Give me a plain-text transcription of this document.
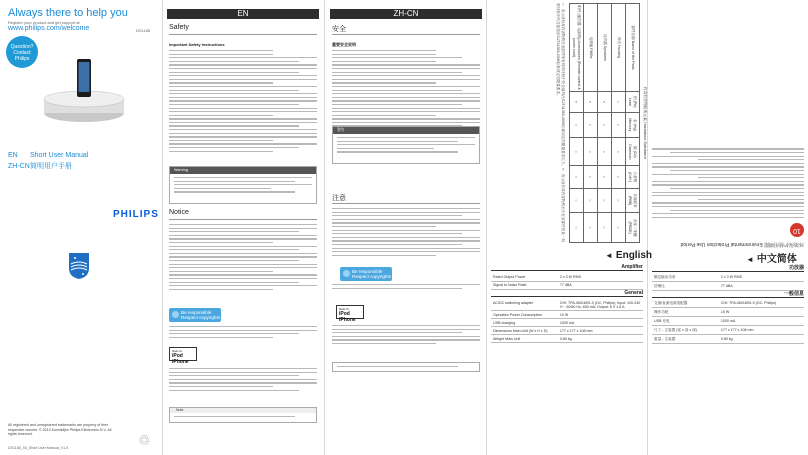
Always there to help you
Register your product and get support at
www.philips.com/welcome	DS1185
Question?
Contact
Philips
EN Short User Manual
ZH-CN简明用户手册
PHILIPS
All registered and unregistered trademarks are property of their respective owners. © 2013 Koninklijke Philips Electronics N.V. All rights reserved.
DS1185_93_Short User Manual_V1.0	♲
EN
Safety
Important Safety Instructions
Warning
Notice
Be responsible Respect copyrights
Made for
iPod iPhone
Note
ZH-CN
安全
重要安全说明
警告
注意
Be responsible Respect copyrights
Made for
iPod iPhone
有毒有害物质或元素 Hazardous Substance
部件名称 Name of the Parts	铅 (Pb) Lead	汞 (Hg) Mercury	镉 (Cd) Cadmium	六价铬 (Cr6+)	多溴联苯 (PBB)	多溴二苯醚 (PBDE)
外壳 Housing	○	○	○	○	○	○
扬声器 Speakers	×	○	○	○	○	○
电路板 PWBs	×	○	○	○	○	○
附件 (遥控器, 电源线) Accessories (Remote control & power cord)	×	○	○	○	○	○
○：表示该有毒有害物质在该部件所有均质材料中的含量均在SJ/T11363-2006标准规定的限量要求以下。×：表示该有毒有害物质至少在该部件的某一均质材料中的含量超出SJ/T11363-2006标准规定的限量要求。
◄ English
Amplifier
Rated Output Power	2 x 3 W RMS
Signal to Noise Ratio	77 dBA
General
AC/DC switching adapter	CHI: TPA-060180S-S (DC, Philips); Input: 100-240 V~, 50/60 Hz, 600 mA; Output: 6 V 1.6 A
Operation Power Consumption	10 W
USB charging	1000 mA
Dimensions Main Unit (W x H x D)	177 x 177 x 108 mm
Weight Main Unit	0.80 kg
环境保护使用期限 Environmental Protection Use Period
10
◄ 中文简体
功放器
额定输出功率	2 x 3 W RMS
信噪比	77 dBA
一般信息
交流/直流电源适配器	CHI: TPA-060180S-S (DC, Philips)
操作功耗	10 W
USB 充电	1000 mA
尺寸 - 主装置 (宽 x 高 x 深)	177 x 177 x 108 mm
重量 - 主装置	0.80 kg
